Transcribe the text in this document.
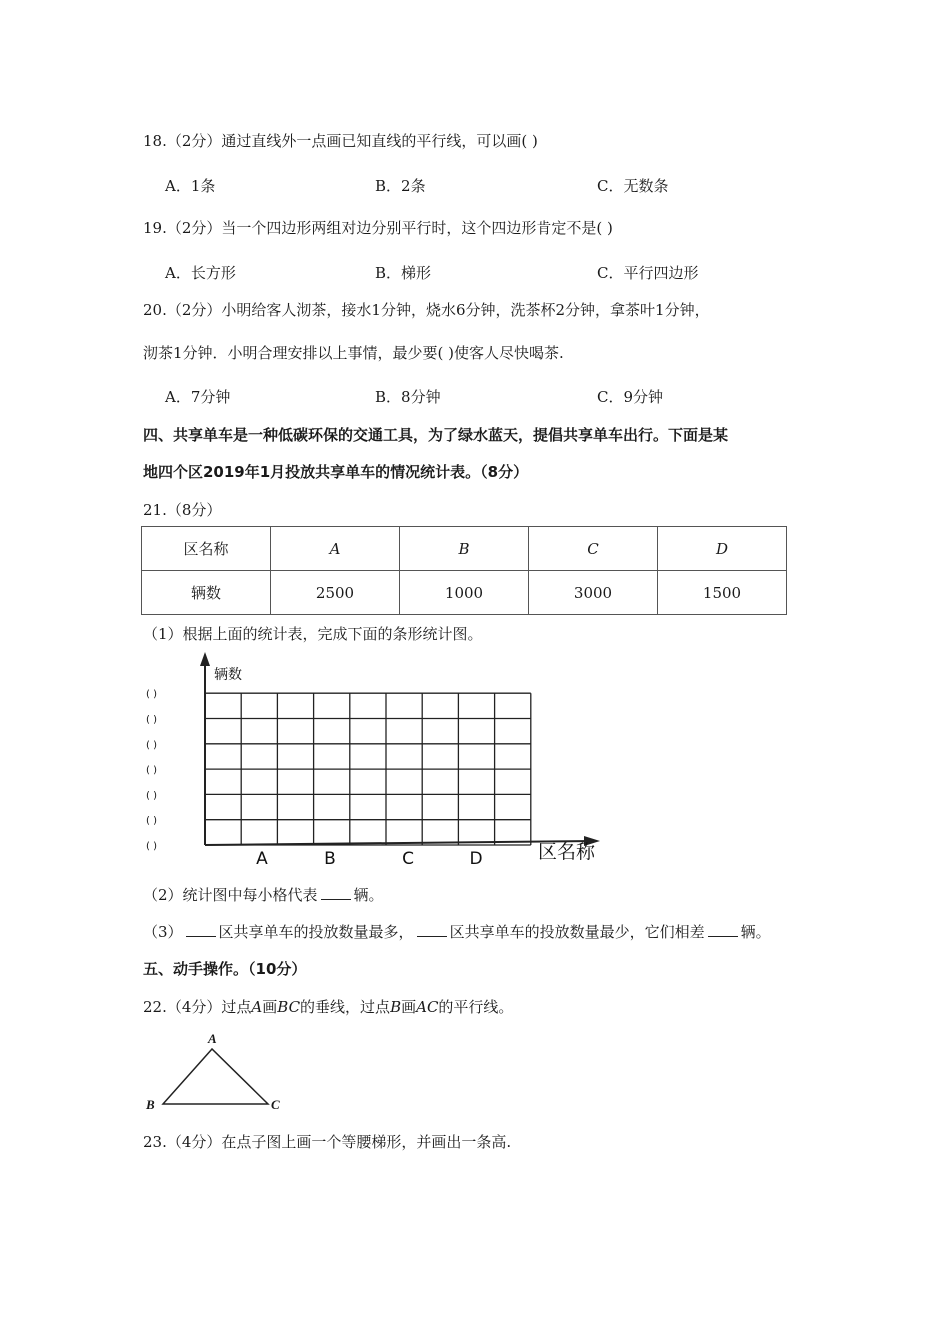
18.（2分）通过直线外一点画已知直线的平行线，可以画( )
A．1条	B．2条	C．无数条
19.（2分）当一个四边形两组对边分别平行时，这个四边形肯定不是( )
A．长方形	B．梯形	C．平行四边形
20.（2分）小明给客人沏茶，接水1分钟，烧水6分钟，洗茶杯2分钟，拿茶叶1分钟，
沏茶1分钟．小明合理安排以上事情，最少要( )使客人尽快喝茶.
A．7分钟	B．8分钟	C．9分钟
四、共享单车是一种低碳环保的交通工具，为了绿水蓝天，提倡共享单车出行。下面是某
地四个区2019年1月投放共享单车的情况统计表。（8分）
21.（8分）
区名称	A	B	C	D
辆数	2500	1000	3000	1500
（1）根据上面的统计表，完成下面的条形统计图。
辆数
区名称
A	B	C	D
( )
( )
( )
( )
( )
( )
( )
（2）统计图中每小格代表 辆。
（3） 区共享单车的投放数量最多， 区共享单车的投放数量最少，它们相差 辆。
五、动手操作。（10分）
22.（4分）过点A画BC的垂线，过点B画AC的平行线。
A
B	C
23.（4分）在点子图上画一个等腰梯形，并画出一条高.
